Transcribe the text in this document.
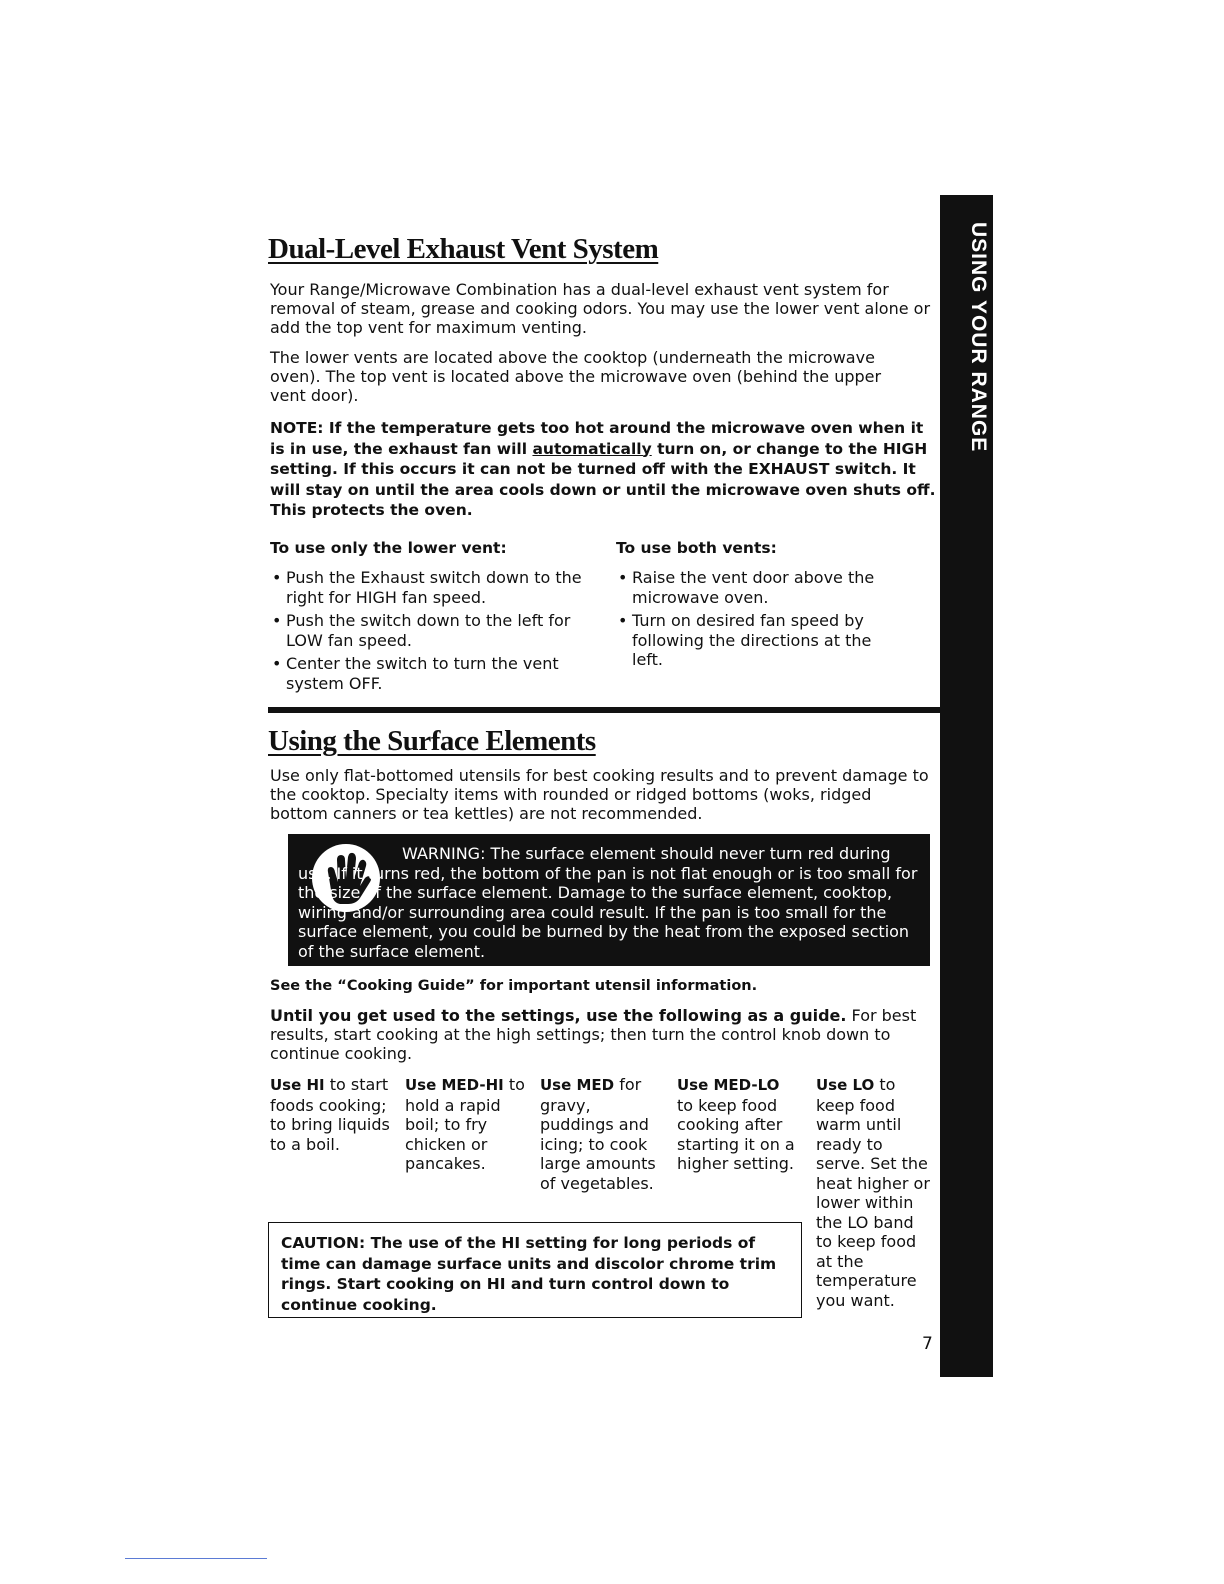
USING YOUR RANGE
Dual-Level Exhaust Vent System

Your Range/Microwave Combination has a dual-level exhaust vent system for removal of steam, grease and cooking odors. You may use the lower vent alone or add the top vent for maximum venting.

The lower vents are located above the cooktop (underneath the microwave oven). The top vent is located above the microwave oven (behind the upper vent door).

NOTE: If the temperature gets too hot around the microwave oven when it is in use, the exhaust fan will automatically turn on, or change to the HIGH setting. If this occurs it can not be turned off with the EXHAUST switch. It will stay on until the area cools down or until the microwave oven shuts off. This protects the oven.

To use only the lower vent:

• Push the Exhaust switch down to the right for HIGH fan speed.
• Push the switch down to the left for LOW fan speed.
• Center the switch to turn the vent system OFF.

To use both vents:

• Raise the vent door above the microwave oven.
• Turn on desired fan speed by following the directions at the left.
Using the Surface Elements

Use only flat-bottomed utensils for best cooking results and to prevent damage to the cooktop. Specialty items with rounded or ridged bottoms (woks, ridged bottom canners or tea kettles) are not recommended.

WARNING: The surface element should never turn red during use. If it turns red, the bottom of the pan is not flat enough or is too small for the size of the surface element. Damage to the surface element, cooktop, wiring and/or surrounding area could result. If the pan is too small for the surface element, you could be burned by the heat from the exposed section of the surface element.

See the “Cooking Guide” for important utensil information.

Until you get used to the settings, use the following as a guide. For best results, start cooking at the high settings; then turn the control knob down to continue cooking.

Use HI to start foods cooking; to bring liquids to a boil.
Use MED-HI to hold a rapid boil; to fry chicken or pancakes.
Use MED for gravy, puddings and icing; to cook large amounts of vegetables.
Use MED-LO to keep food cooking after starting it on a higher setting.
Use LO to keep food warm until ready to serve. Set the heat higher or lower within the LO band to keep food at the temperature you want.

CAUTION: The use of the HI setting for long periods of time can damage surface units and discolor chrome trim rings. Start cooking on HI and turn control down to continue cooking.

7
